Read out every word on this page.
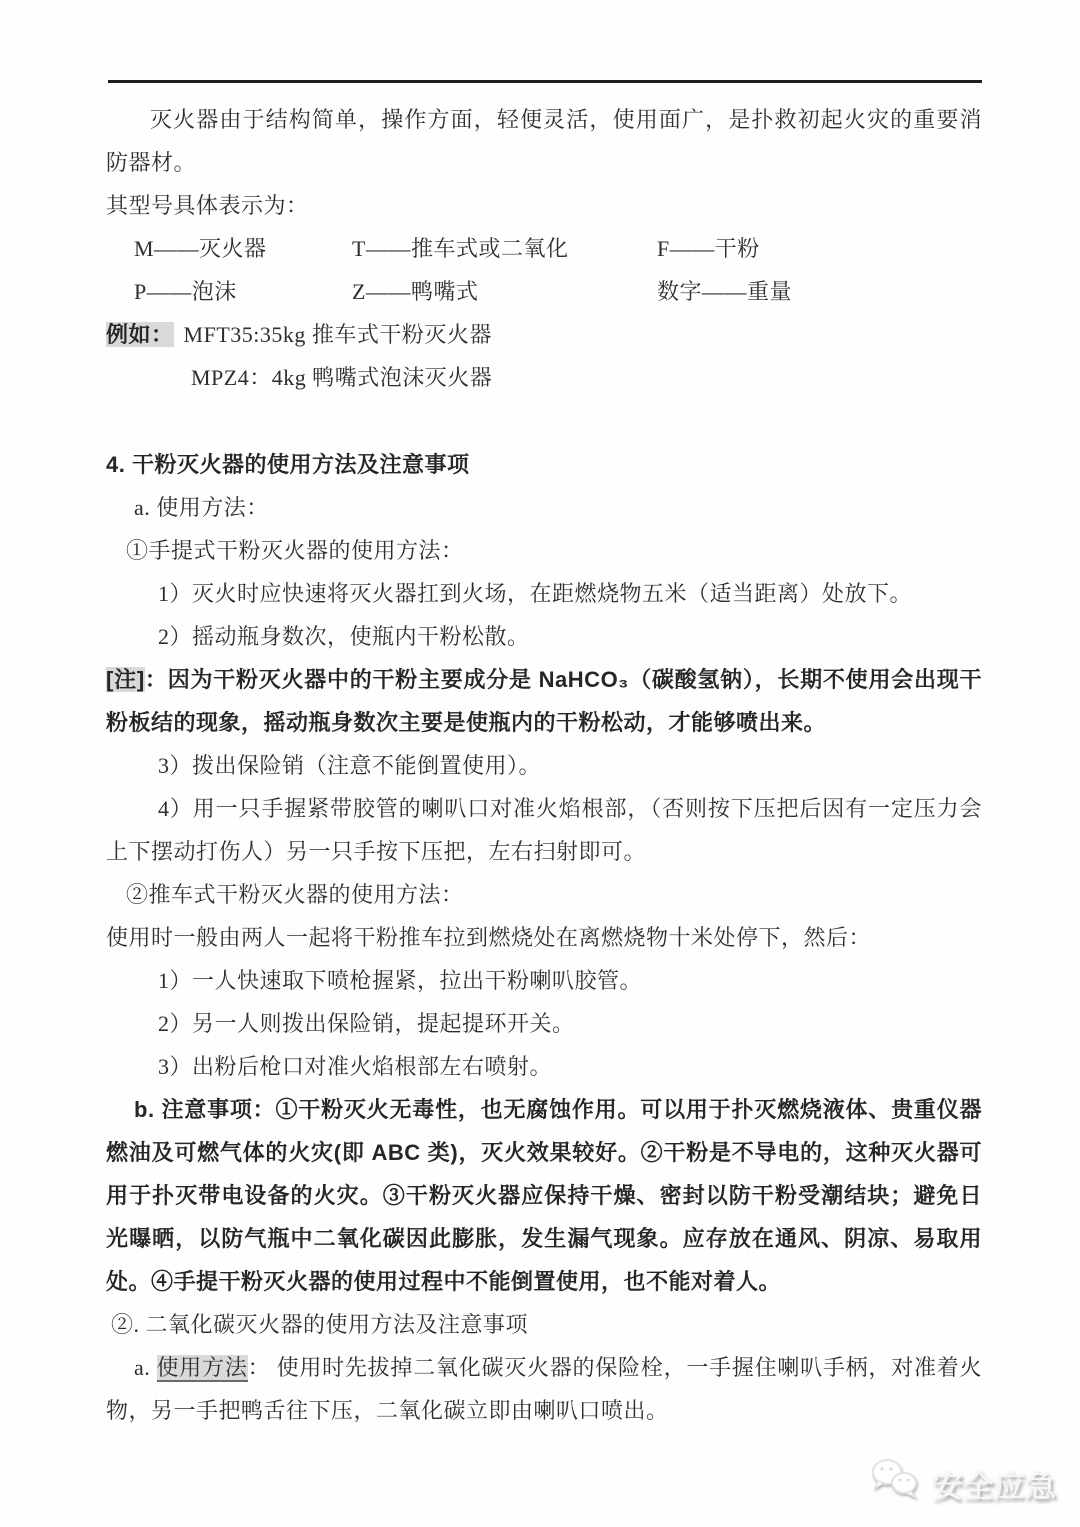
灭火器由于结构简单，操作方面，轻便灵活，使用面广，是扑救初起火灾的重要消防器材。

其型号具体表示为：

M——灭火器	T——推车式或二氧化	F——干粉
P——泡沫	Z——鸭嘴式	数字——重量
例如： MFT35:35kg 推车式干粉灭火器
MPZ4：4kg 鸭嘴式泡沫灭火器

4. 干粉灭火器的使用方法及注意事项

a. 使用方法：

①手提式干粉灭火器的使用方法：

1）灭火时应快速将灭火器扛到火场，在距燃烧物五米（适当距离）处放下。

2）摇动瓶身数次，使瓶内干粉松散。

[注]：因为干粉灭火器中的干粉主要成分是 NaHCO₃（碳酸氢钠），长期不使用会出现干粉板结的现象，摇动瓶身数次主要是使瓶内的干粉松动，才能够喷出来。

3）拨出保险销（注意不能倒置使用）。

4）用一只手握紧带胶管的喇叭口对准火焰根部，（否则按下压把后因有一定压力会上下摆动打伤人）另一只手按下压把，左右扫射即可。

②推车式干粉灭火器的使用方法：

使用时一般由两人一起将干粉推车拉到燃烧处在离燃烧物十米处停下，然后：

1）一人快速取下喷枪握紧，拉出干粉喇叭胶管。

2）另一人则拨出保险销，提起提环开关。

3）出粉后枪口对准火焰根部左右喷射。

b. 注意事项：①干粉灭火无毒性，也无腐蚀作用。可以用于扑灭燃烧液体、贵重仪器燃油及可燃气体的火灾(即 ABC 类)，灭火效果较好。②干粉是不导电的，这种灭火器可用于扑灭带电设备的火灾。③干粉灭火器应保持干燥、密封以防干粉受潮结块；避免日光曝晒，以防气瓶中二氧化碳因此膨胀，发生漏气现象。应存放在通风、阴凉、易取用处。④手提干粉灭火器的使用过程中不能倒置使用，也不能对着人。

②. 二氧化碳灭火器的使用方法及注意事项

a. 使用方法： 使用时先拔掉二氧化碳灭火器的保险栓，一手握住喇叭手柄，对准着火物，另一手把鸭舌往下压，二氧化碳立即由喇叭口喷出。

安全应急
